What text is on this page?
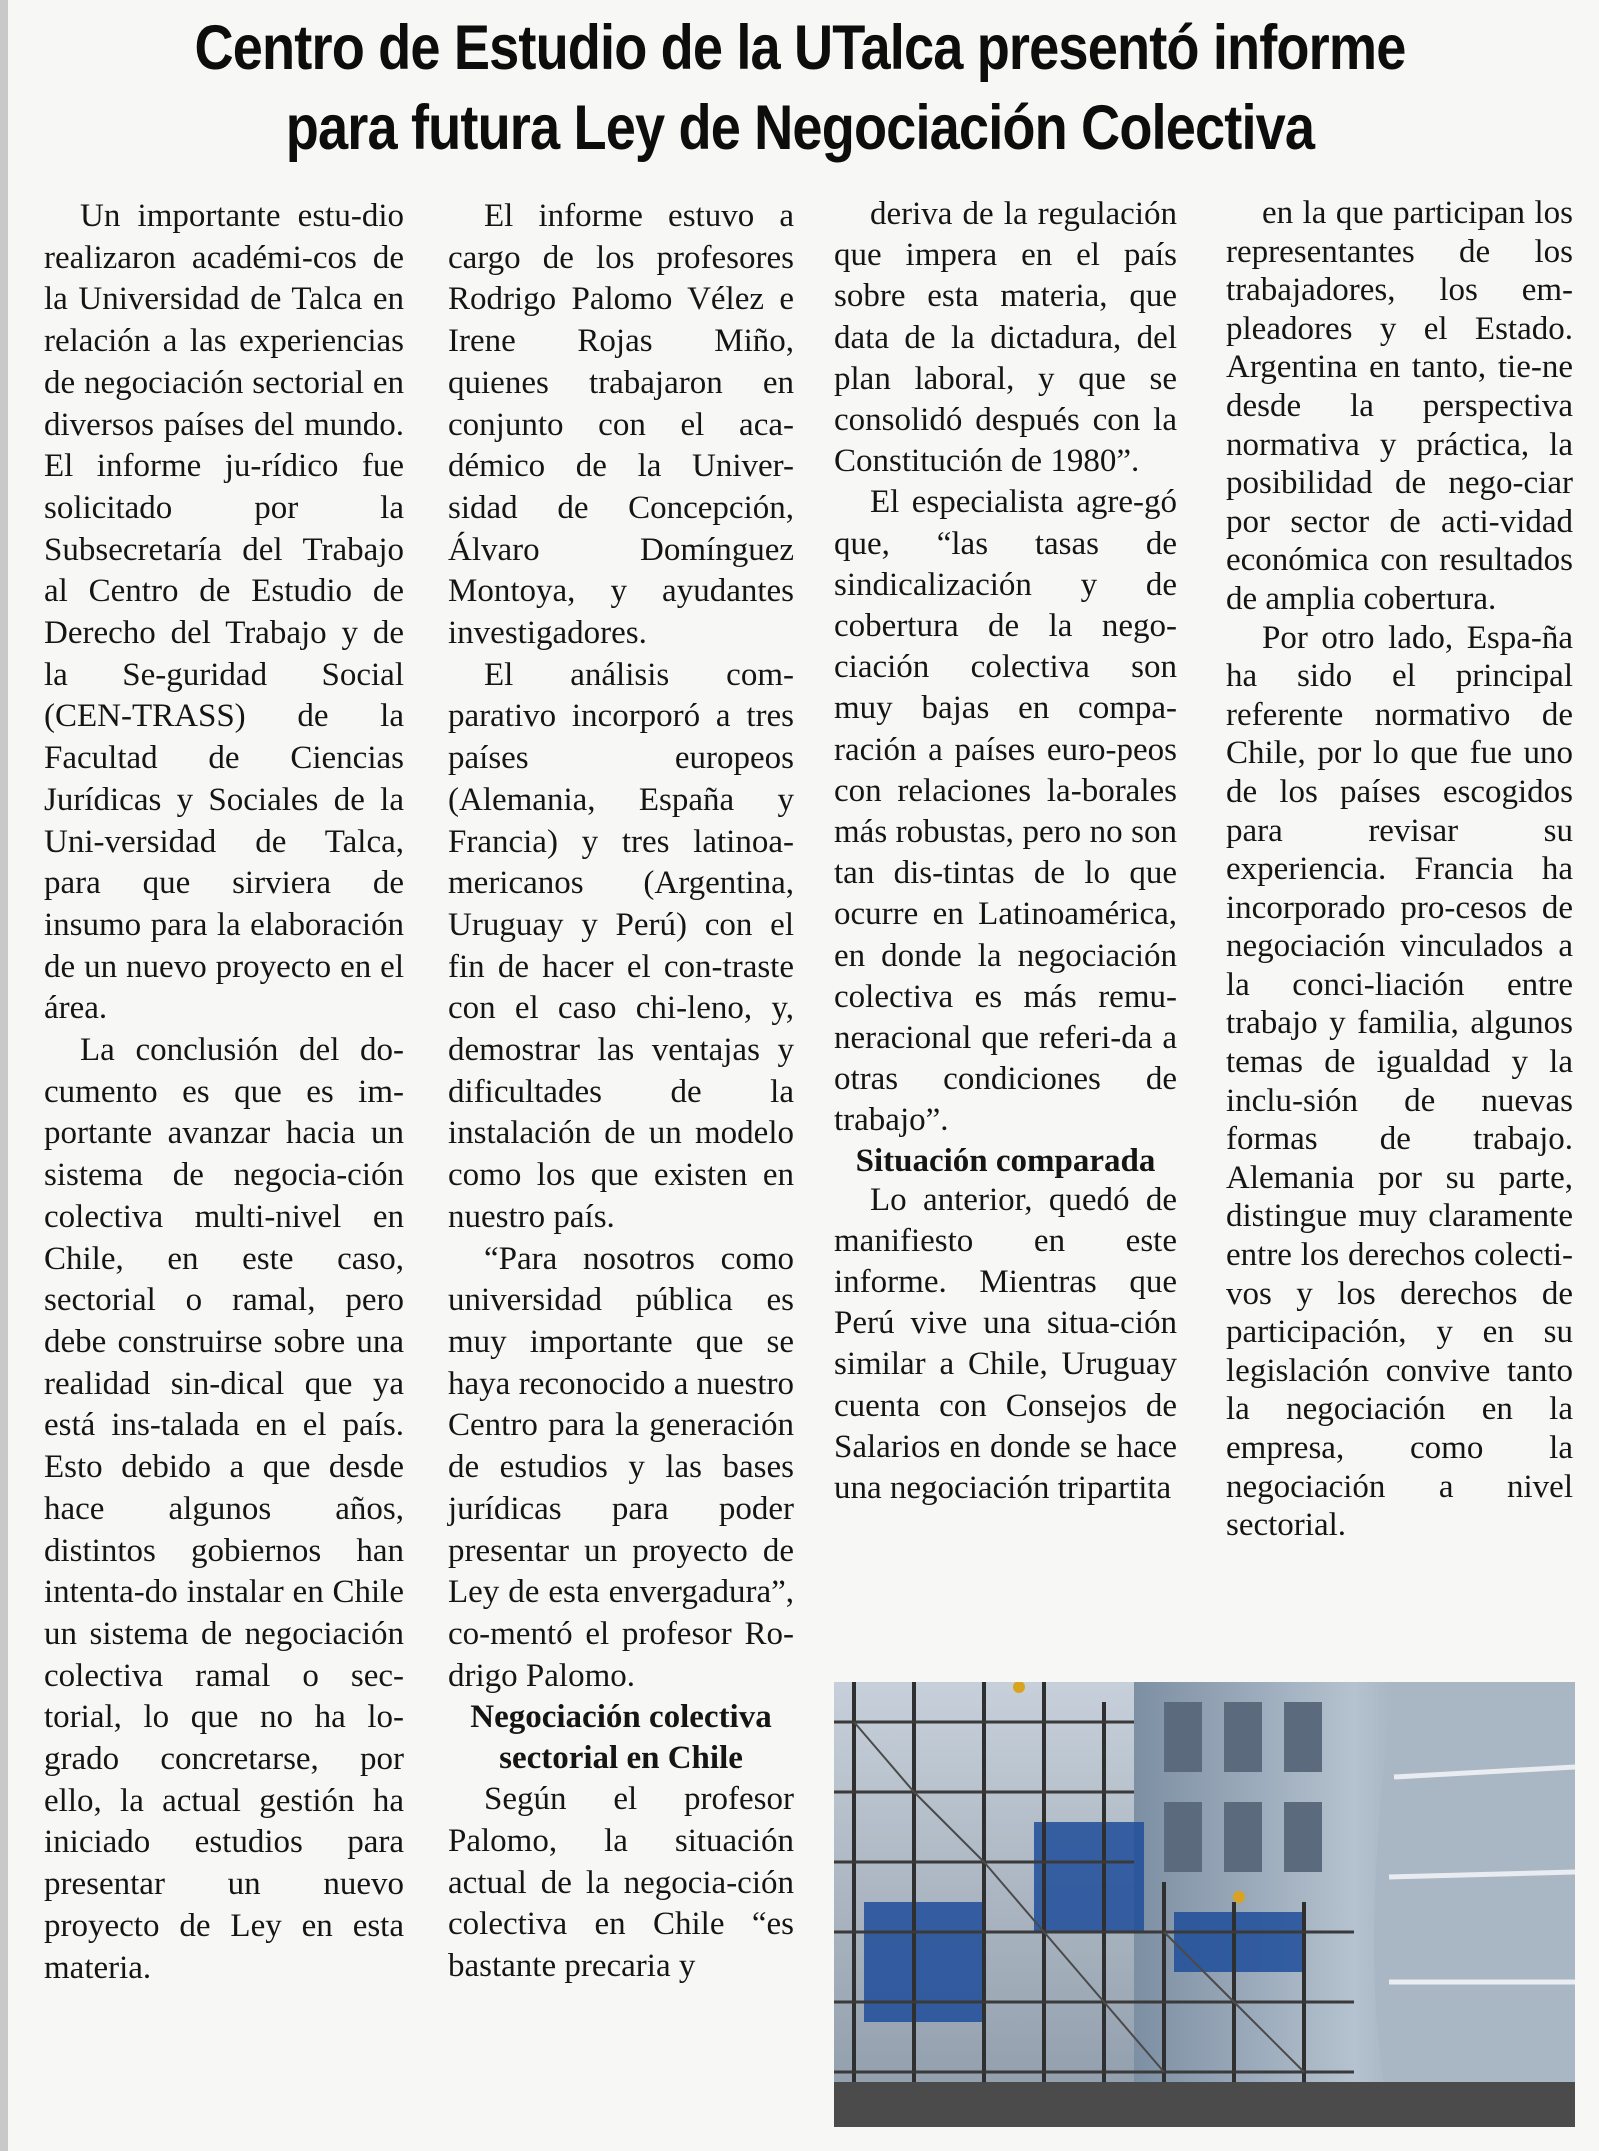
Centro de Estudio de la UTalca presentó informe
para futura Ley de Negociación Colectiva

Un importante estu-dio realizaron académi-cos de la Universidad de Talca en relación a las experiencias de negociación sectorial en diversos países del mundo. El informe ju-rídico fue solicitado por la Subsecretaría del Trabajo al Centro de Estudio de Derecho del Trabajo y de la Se-guridad Social (CEN-TRASS) de la Facultad de Ciencias Jurídicas y Sociales de la Uni-versidad de Talca, para que sirviera de insumo para la elaboración de un nuevo proyecto en el área.

La conclusión del do-cumento es que es im-portante avanzar hacia un sistema de negocia-ción colectiva multi-nivel en Chile, en este caso, sectorial o ramal, pero debe construirse sobre una realidad sin-dical que ya está ins-talada en el país. Esto debido a que desde hace algunos años, distintos gobiernos han intenta-do instalar en Chile un sistema de negociación colectiva ramal o sec-torial, lo que no ha lo-grado concretarse, por ello, la actual gestión ha iniciado estudios para presentar un nuevo proyecto de Ley en esta materia.

El informe estuvo a cargo de los profesores Rodrigo Palomo Vélez e Irene Rojas Miño, quienes trabajaron en conjunto con el aca-démico de la Univer-sidad de Concepción, Álvaro Domínguez Montoya, y ayudantes investigadores.

El análisis com-parativo incorporó a tres países europeos (Alemania, España y Francia) y tres latinoa-mericanos (Argentina, Uruguay y Perú) con el fin de hacer el con-traste con el caso chi-leno, y, demostrar las ventajas y dificultades de la instalación de un modelo como los que existen en nuestro país.

“Para nosotros como universidad pública es muy importante que se haya reconocido a nuestro Centro para la generación de estudios y las bases jurídicas para poder presentar un proyecto de Ley de esta envergadura”, co-mentó el profesor Ro-drigo Palomo.

Negociación colectiva sectorial en Chile

Según el profesor Palomo, la situación actual de la negocia-ción colectiva en Chile “es bastante precaria y

deriva de la regulación que impera en el país sobre esta materia, que data de la dictadura, del plan laboral, y que se consolidó después con la Constitución de 1980”.

El especialista agre-gó que, “las tasas de sindicalización y de cobertura de la nego-ciación colectiva son muy bajas en compa-ración a países euro-peos con relaciones la-borales más robustas, pero no son tan dis-tintas de lo que ocurre en Latinoamérica, en donde la negociación colectiva es más remu-neracional que referi-da a otras condiciones de trabajo”.

Situación comparada

Lo anterior, quedó de manifiesto en este informe. Mientras que Perú vive una situa-ción similar a Chile, Uruguay cuenta con Consejos de Salarios en donde se hace una negociación tripartita

en la que participan los representantes de los trabajadores, los em-pleadores y el Estado. Argentina en tanto, tie-ne desde la perspectiva normativa y práctica, la posibilidad de nego-ciar por sector de acti-vidad económica con resultados de amplia cobertura.

Por otro lado, Espa-ña ha sido el principal referente normativo de Chile, por lo que fue uno de los países escogidos para revisar su experiencia. Francia ha incorporado pro-cesos de negociación vinculados a la conci-liación entre trabajo y familia, algunos temas de igualdad y la inclu-sión de nuevas formas de trabajo. Alemania por su parte, distingue muy claramente entre los derechos colecti-vos y los derechos de participación, y en su legislación convive tanto la negociación en la empresa, como la negociación a nivel sectorial.
